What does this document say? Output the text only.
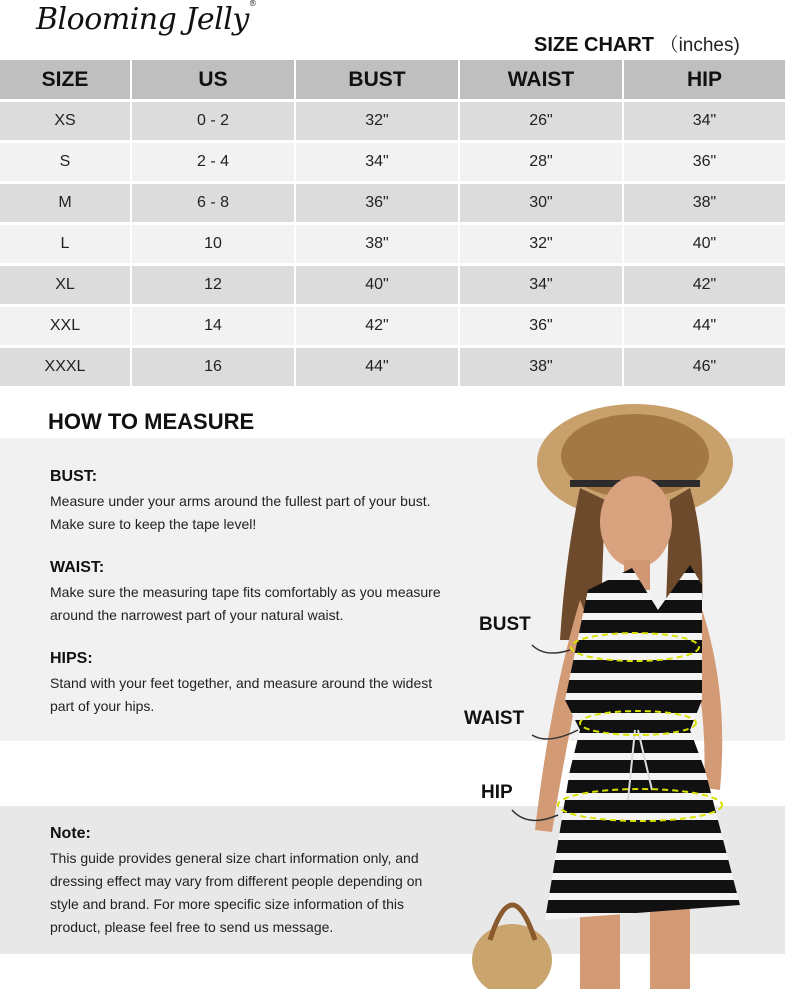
Blooming Jelly®
SIZE CHART （inches)
SIZE	US	BUST	WAIST	HIP
XS	0 - 2	32"	26"	34"
S	2 - 4	34"	28"	36"
M	6 - 8	36"	30"	38"
L	10	38"	32"	40"
XL	12	40"	34"	42"
XXL	14	42"	36"	44"
XXXL	16	44"	38"	46"
HOW TO MEASURE
BUST:
Measure under your arms around the fullest part of your bust.
Make sure to keep the tape level!
WAIST:
Make sure the measuring tape fits comfortably as you measure
around the narrowest part of your natural waist.
HIPS:
Stand with your feet together, and measure around the widest
part of your hips.
Note:
This guide provides general size chart information only, and
dressing effect may vary from different people depending on
style and brand. For more specific size information of this
product, please feel free to send us message.
BUST
WAIST
HIP
